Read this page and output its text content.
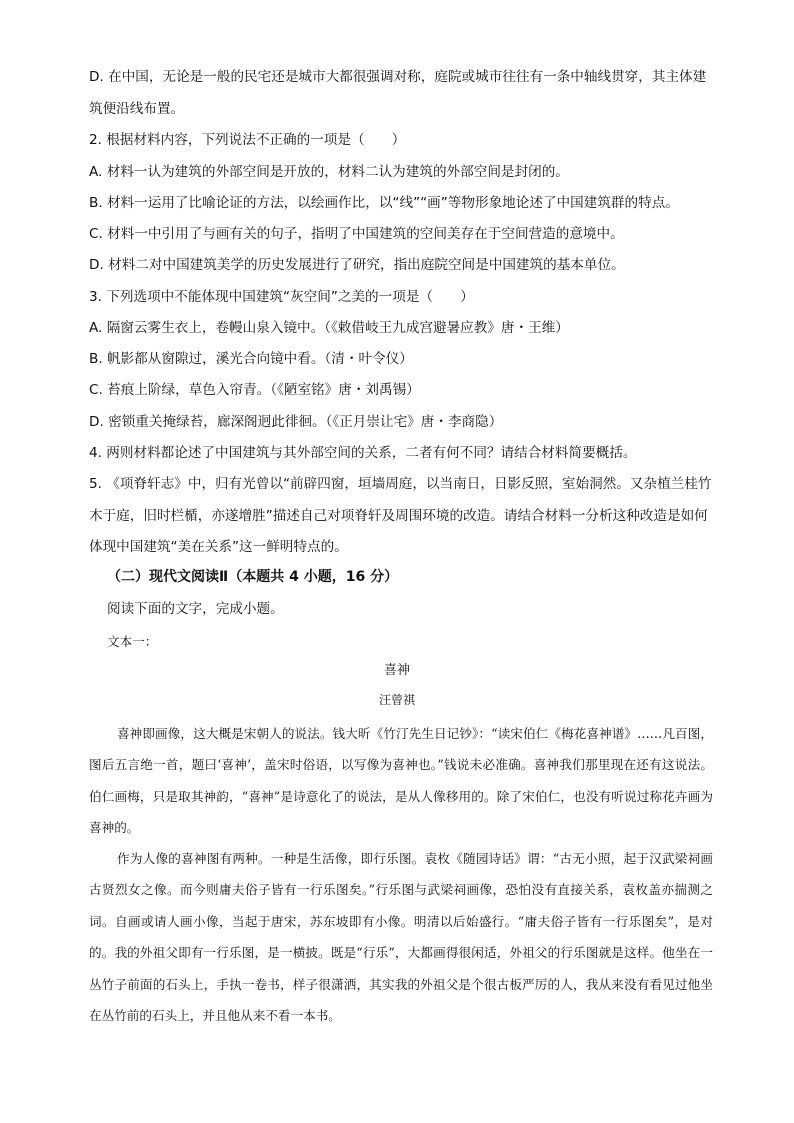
D. 在中国，无论是一般的民宅还是城市大都很强调对称，庭院或城市往往有一条中轴线贯穿，其主体建筑便沿线布置。

2. 根据材料内容，下列说法不正确的一项是（　　）

A. 材料一认为建筑的外部空间是开放的，材料二认为建筑的外部空间是封闭的。

B. 材料一运用了比喻论证的方法，以绘画作比，以“线”“画”等物形象地论述了中国建筑群的特点。

C. 材料一中引用了与画有关的句子，指明了中国建筑的空间美存在于空间营造的意境中。

D. 材料二对中国建筑美学的历史发展进行了研究，指出庭院空间是中国建筑的基本单位。

3. 下列选项中不能体现中国建筑“灰空间”之美的一项是（　　）

A. 隔窗云雾生衣上，卷幔山泉入镜中。（《敕借岐王九成宫避暑应教》唐・王维）

B. 帆影都从窗隙过，溪光合向镜中看。（清・叶令仪）

C. 苔痕上阶绿，草色入帘青。（《陋室铭》唐・刘禹锡）

D. 密锁重关掩绿苔，廊深阁迥此徘徊。（《正月崇让宅》唐・李商隐）

4. 两则材料都论述了中国建筑与其外部空间的关系，二者有何不同？请结合材料简要概括。

5. 《项脊轩志》中，归有光曾以“前辟四窗，垣墙周庭，以当南日，日影反照，室始洞然。又杂植兰桂竹木于庭，旧时栏楯，亦遂增胜”描述自己对项脊轩及周围环境的改造。请结合材料一分析这种改造是如何体现中国建筑“美在关系”这一鲜明特点的。

（二）现代文阅读Ⅱ（本题共 4 小题，16 分）

阅读下面的文字，完成小题。

文本一：

喜神

汪曾祺

喜神即画像，这大概是宋朝人的说法。钱大昕《竹汀先生日记钞》：“读宋伯仁《梅花喜神谱》……凡百图，图后五言绝一首，题曰‘喜神’，盖宋时俗语，以写像为喜神也。”钱说未必准确。喜神我们那里现在还有这说法。伯仁画梅，只是取其神韵，“喜神”是诗意化了的说法，是从人像移用的。除了宋伯仁，也没有听说过称花卉画为喜神的。

作为人像的喜神图有两种。一种是生活像，即行乐图。袁枚《随园诗话》谓：“古无小照，起于汉武梁祠画古贤烈女之像。而今则庸夫俗子皆有一行乐图矣。”行乐图与武梁祠画像，恐怕没有直接关系，袁枚盖亦揣测之词。自画或请人画小像，当起于唐宋，苏东坡即有小像。明清以后始盛行。“庸夫俗子皆有一行乐图矣”，是对的。我的外祖父即有一行乐图，是一横披。既是“行乐”，大都画得很闲适，外祖父的行乐图就是这样。他坐在一丛竹子前面的石头上，手执一卷书，样子很潇洒，其实我的外祖父是个很古板严厉的人，我从来没有看见过他坐在丛竹前的石头上，并且他从来不看一本书。
